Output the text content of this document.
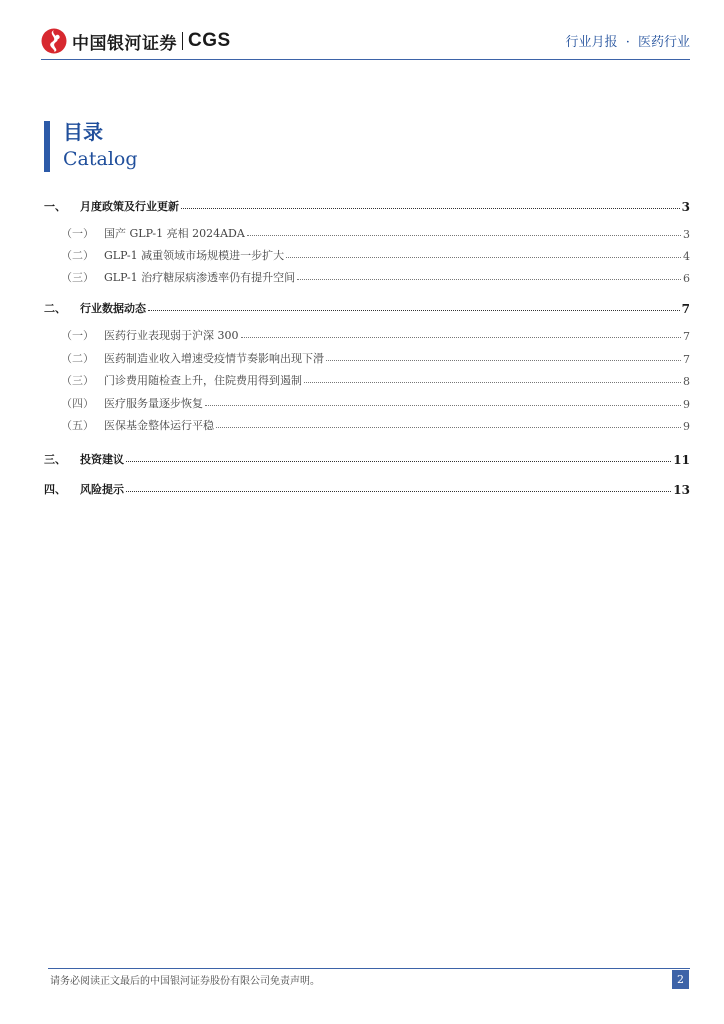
中国银河证券 CGS	行业月报 · 医药行业
目录
Catalog
一、 月度政策及行业更新	3
（一） 国产 GLP-1 亮相 2024ADA	3
（二） GLP-1 减重领域市场规模进一步扩大	4
（三） GLP-1 治疗糖尿病渗透率仍有提升空间	6
二、 行业数据动态	7
（一） 医药行业表现弱于沪深 300	7
（二） 医药制造业收入增速受疫情节奏影响出现下滑	7
（三） 门诊费用随检查上升，住院费用得到遏制	8
（四） 医疗服务量逐步恢复	9
（五） 医保基金整体运行平稳	9
三、 投资建议	11
四、 风险提示	13
请务必阅读正文最后的中国银河证券股份有限公司免责声明。	2
